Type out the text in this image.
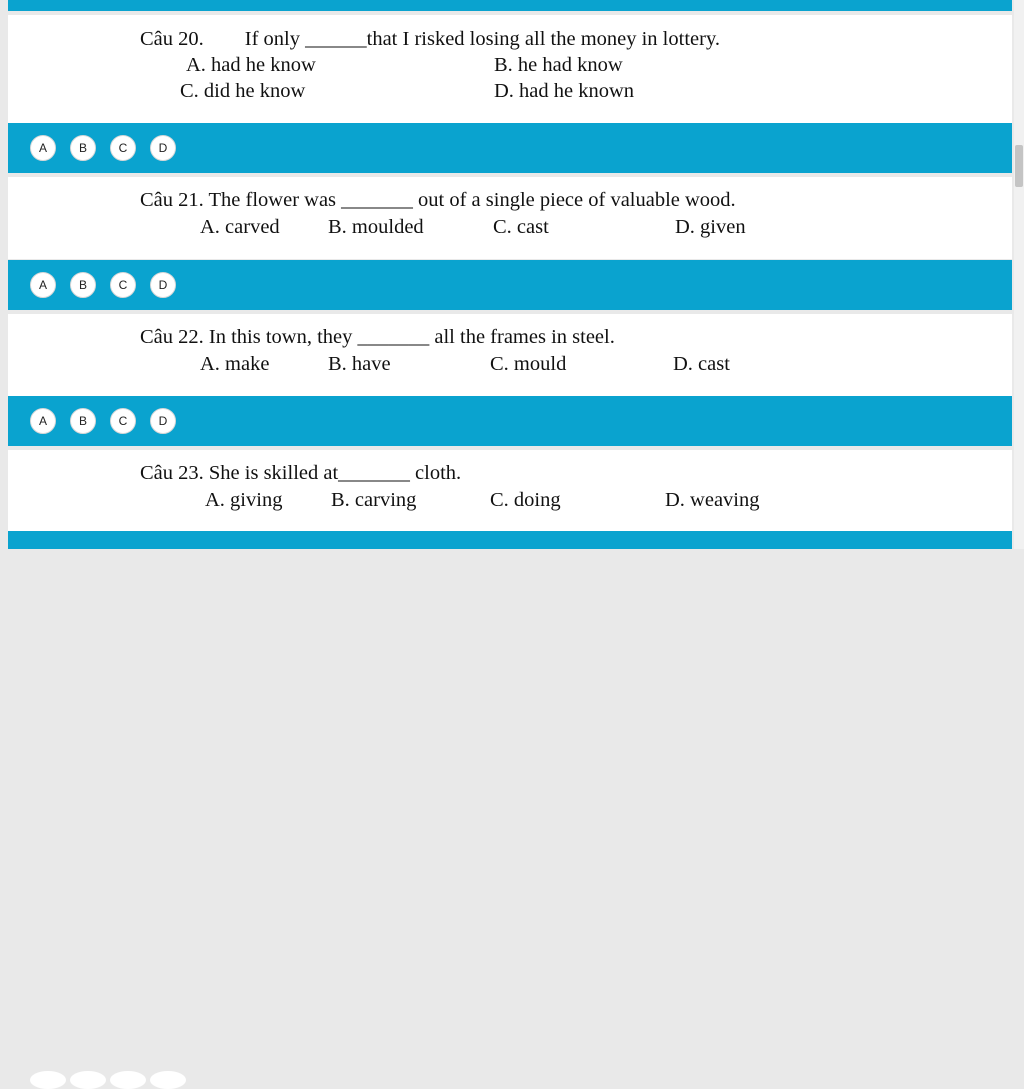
Câu 20.        If only ______that I risked losing all the money in lottery.
A. had he know	B. he had know
C. did he know	D. had he known
A	B	C	D
Câu 21. The flower was _______ out of a single piece of valuable wood.
A. carved B. moulded	C. cast	D. given
A	B	C	D
Câu 22. In this town, they _______ all the frames in steel.
A. make	B. have	C. mould	D. cast
A	B	C	D
Câu 23. She is skilled at_______ cloth.
A. giving B. carving	C. doing	D. weaving
